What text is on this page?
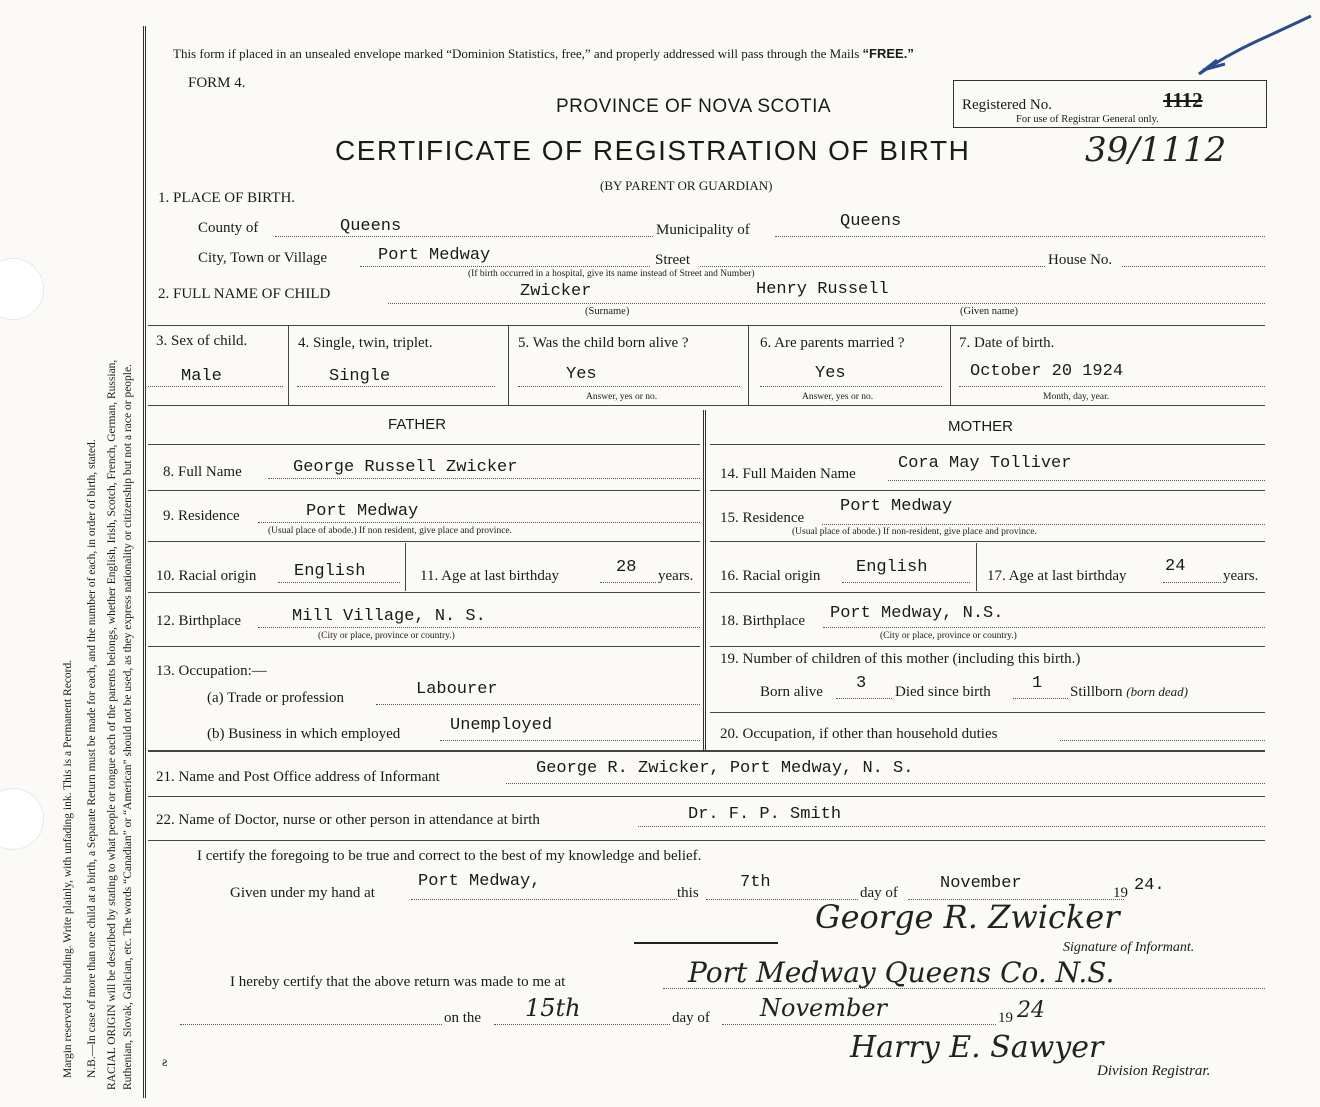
Margin reserved for binding. Write plainly, with unfading ink. This is a Permanent Record. N.B.—In case of more than one child at a birth, a Separate Return must be made for each, and the number of each, in order of birth, stated. RACIAL ORIGIN will be described by stating to what people or tongue each of the parents belongs, whether English, Irish, Scotch, French, German, Russian, Ruthenian, Slovak, Galician, etc. The words “Canadian” or “American” should not be used, as they express nationality or citizenship but not a race or people.
This form if placed in an unsealed envelope marked “Dominion Statistics, free,” and properly addressed will pass through the Mails “FREE.”
FORM 4.
PROVINCE OF NOVA SCOTIA	Registered No.	1112
For use of Registrar General only.
CERTIFICATE OF REGISTRATION OF BIRTH	39/1112
(BY PARENT OR GUARDIAN)
1. PLACE OF BIRTH.
County of	Queens	Municipality of	Queens
City, Town or Village	Port Medway	Street	House No.
(If birth occurred in a hospital, give its name instead of Street and Number)
2. FULL NAME OF CHILD	Zwicker	Henry Russell
(Surname)	(Given name)
3. Sex of child.
Male
4. Single, twin, triplet.
Single
5. Was the child born alive ?
Yes
Answer, yes or no.
6. Are parents married ?
Yes
Answer, yes or no.
7. Date of birth.
October 20 1924
Month, day, year.
FATHER
8. Full Name	George Russell Zwicker
9. Residence	Port Medway
(Usual place of abode.) If non resident, give place and province.
10. Racial origin English	11. Age at last birthday	28 years.
12. Birthplace	Mill Village, N. S.
(City or place, province or country.)
13. Occupation:—
(a) Trade or profession	Labourer
(b) Business in which employed	Unemployed
MOTHER
14. Full Maiden Name
Cora May Tolliver
15. Residence
Port Medway
(Usual place of abode.) If non-resident, give place and province.
16. Racial origin English	17. Age at last birthday 24	years.
18. Birthplace Port Medway, N.S.
(City or place, province or country.)
19. Number of children of this mother (including this birth.)
Born alive 3 Died since birth 1 Stillborn (born dead)
20. Occupation, if other than household duties
21. Name and Post Office address of Informant	George R. Zwicker, Port Medway, N. S.
22. Name of Doctor, nurse or other person in attendance at birth	Dr. F. P. Smith
I certify the foregoing to be true and correct to the best of my knowledge and belief.
Given under my hand at
Port Medway,
this
7th
day of November	19 24.
George R. Zwicker
Signature of Informant.
I hereby certify that the above return was made to me at	Port Medway Queens Co. N.S.
on the 15th	day of November	19 24
Harry E. Sawyer
Division Registrar.
ƨ
